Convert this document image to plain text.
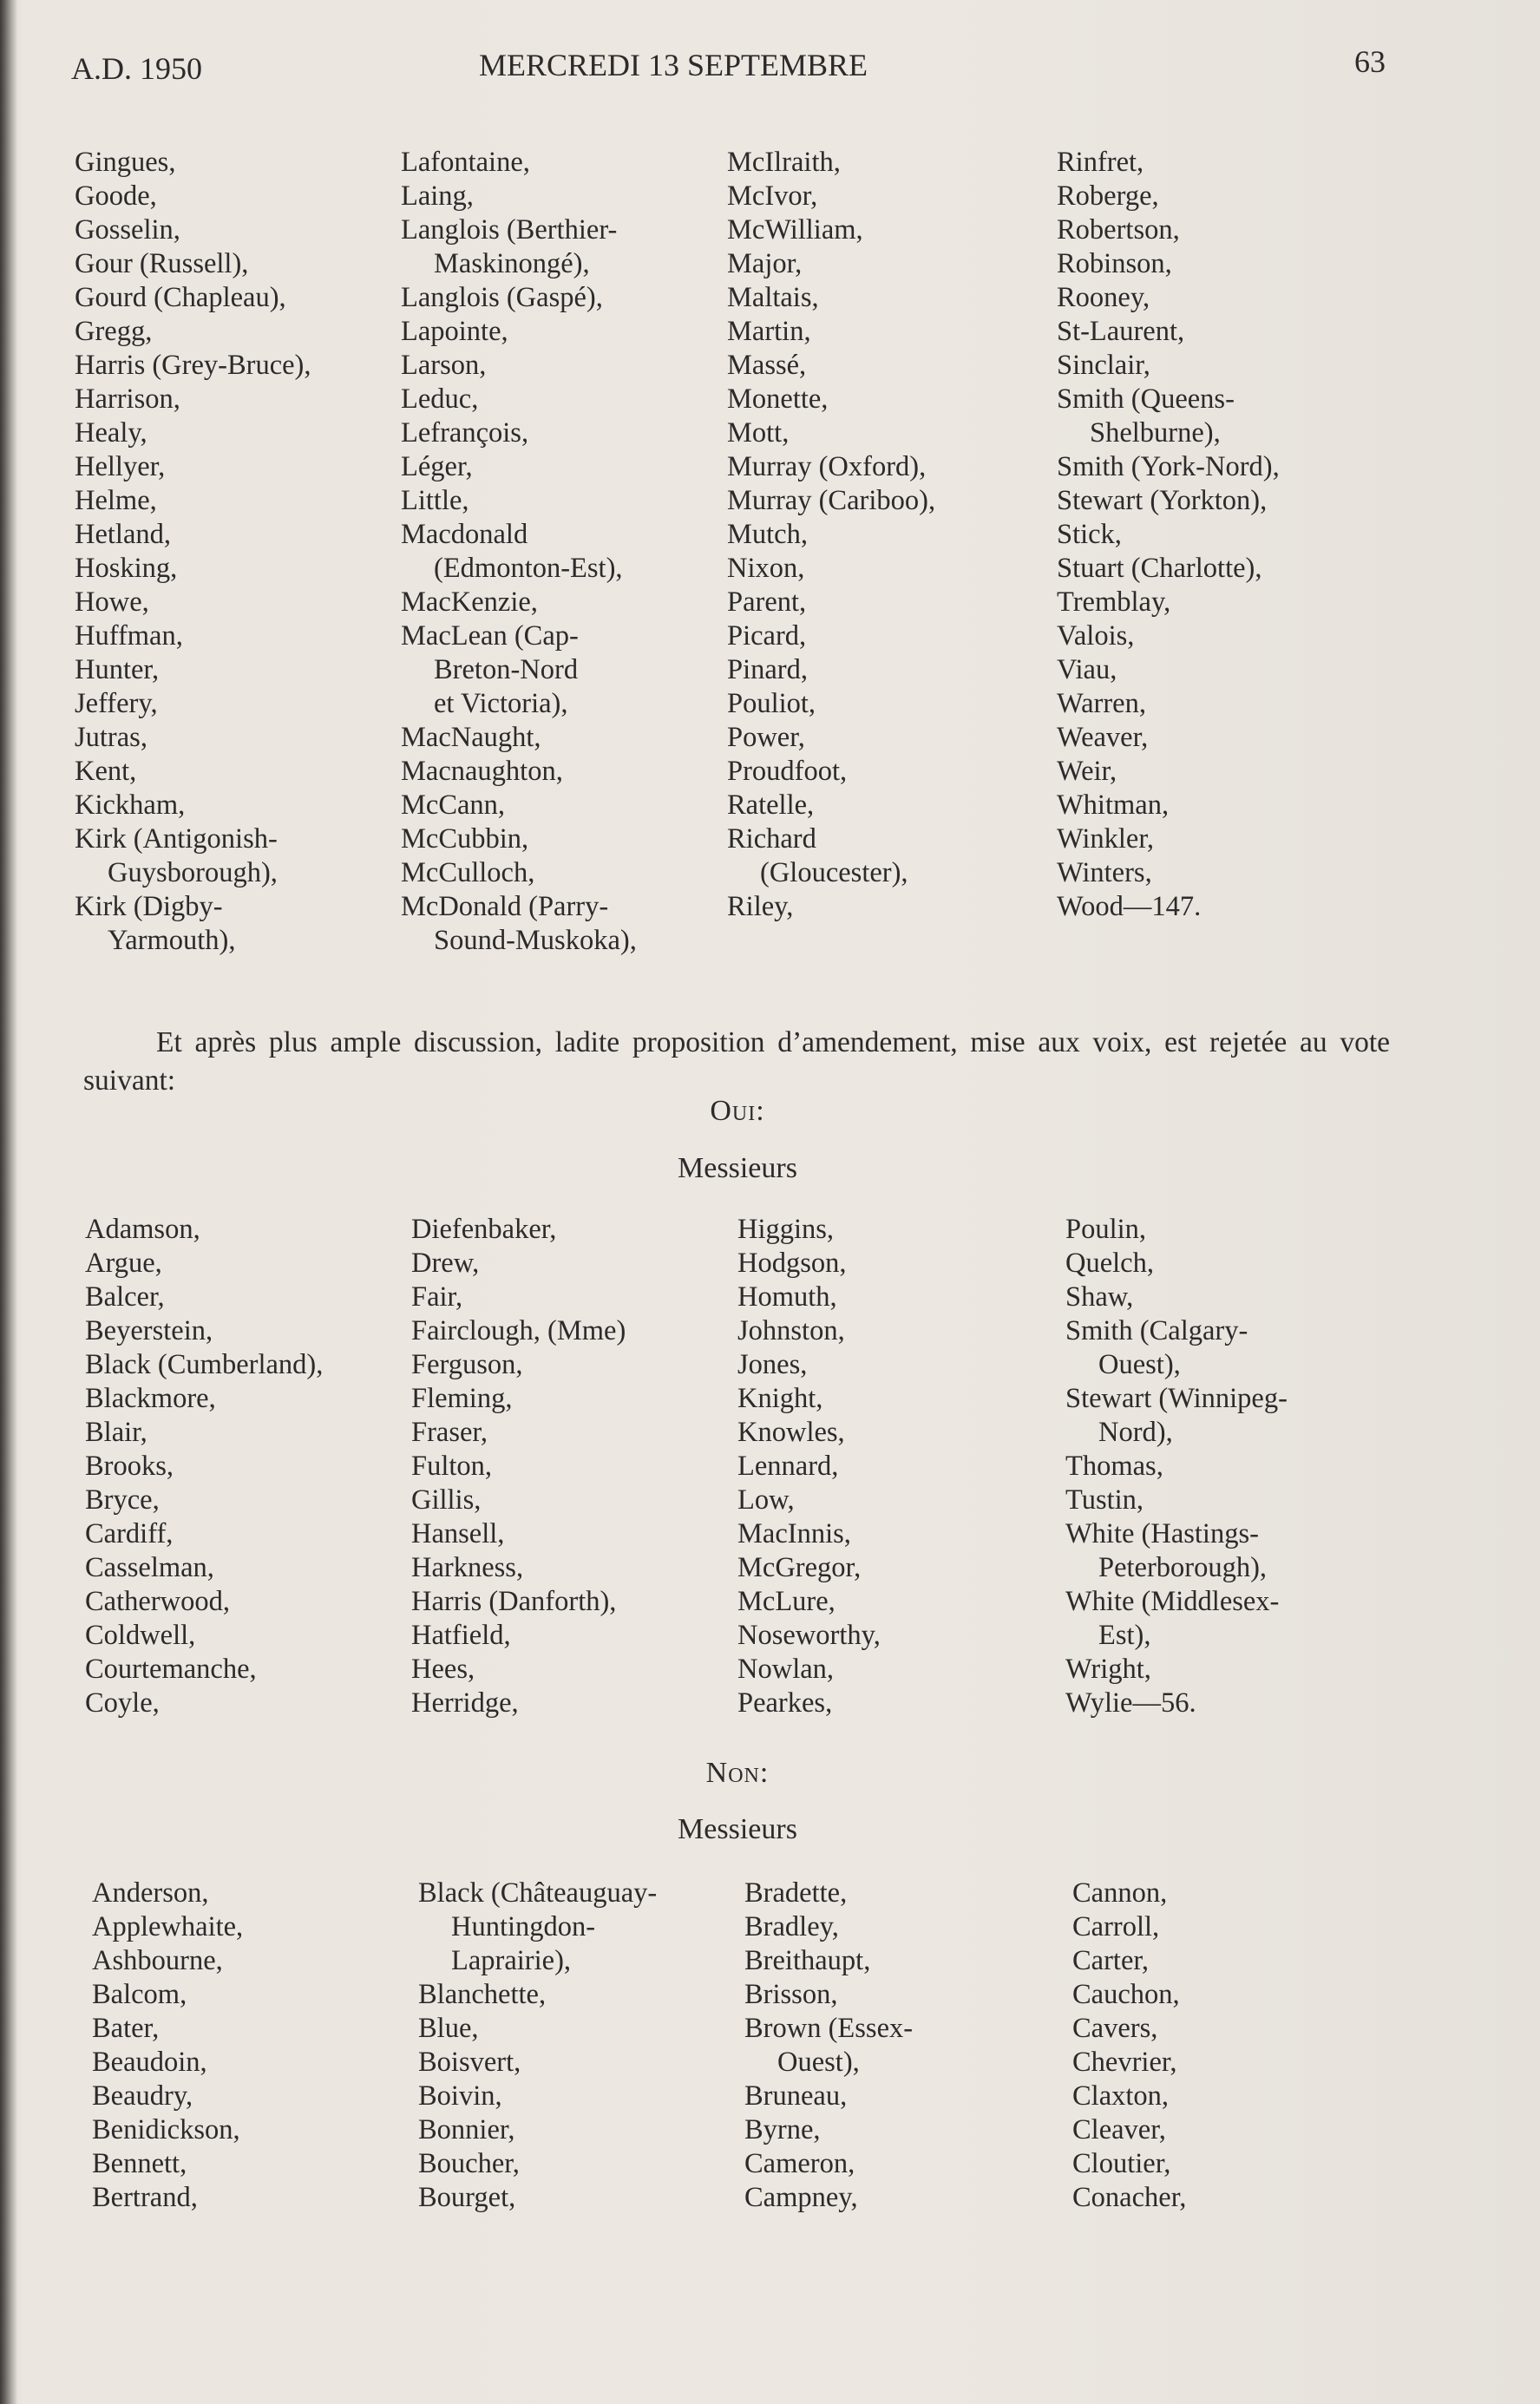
A.D. 1950	MERCREDI 13 SEPTEMBRE	63
Gingues,
Goode,
Gosselin,
Gour (Russell),
Gourd (Chapleau),
Gregg,
Harris (Grey-Bruce),
Harrison,
Healy,
Hellyer,
Helme,
Hetland,
Hosking,
Howe,
Huffman,
Hunter,
Jeffery,
Jutras,
Kent,
Kickham,
Kirk (Antigonish-
Guysborough),
Kirk (Digby-
Yarmouth),
Lafontaine,
Laing,
Langlois (Berthier-
Maskinongé),
Langlois (Gaspé),
Lapointe,
Larson,
Leduc,
Lefrançois,
Léger,
Little,
Macdonald
(Edmonton-Est),
MacKenzie,
MacLean (Cap-
Breton-Nord
et Victoria),
MacNaught,
Macnaughton,
McCann,
McCubbin,
McCulloch,
McDonald (Parry-
Sound-Muskoka),
McIlraith,
McIvor,
McWilliam,
Major,
Maltais,
Martin,
Massé,
Monette,
Mott,
Murray (Oxford),
Murray (Cariboo),
Mutch,
Nixon,
Parent,
Picard,
Pinard,
Pouliot,
Power,
Proudfoot,
Ratelle,
Richard
(Gloucester),
Riley,
Rinfret,
Roberge,
Robertson,
Robinson,
Rooney,
St-Laurent,
Sinclair,
Smith (Queens-
Shelburne),
Smith (York-Nord),
Stewart (Yorkton),
Stick,
Stuart (Charlotte),
Tremblay,
Valois,
Viau,
Warren,
Weaver,
Weir,
Whitman,
Winkler,
Winters,
Wood—147.

Et après plus ample discussion, ladite proposition d’amendement, mise aux voix, est rejetée au vote suivant:

Oui:
Messieurs
Adamson,
Argue,
Balcer,
Beyerstein,
Black (Cumberland),
Blackmore,
Blair,
Brooks,
Bryce,
Cardiff,
Casselman,
Catherwood,
Coldwell,
Courtemanche,
Coyle,
Diefenbaker,
Drew,
Fair,
Fairclough, (Mme)
Ferguson,
Fleming,
Fraser,
Fulton,
Gillis,
Hansell,
Harkness,
Harris (Danforth),
Hatfield,
Hees,
Herridge,
Higgins,
Hodgson,
Homuth,
Johnston,
Jones,
Knight,
Knowles,
Lennard,
Low,
MacInnis,
McGregor,
McLure,
Noseworthy,
Nowlan,
Pearkes,
Poulin,
Quelch,
Shaw,
Smith (Calgary-
Ouest),
Stewart (Winnipeg-
Nord),
Thomas,
Tustin,
White (Hastings-
Peterborough),
White (Middlesex-
Est),
Wright,
Wylie—56.
Non:
Messieurs
Anderson,
Applewhaite,
Ashbourne,
Balcom,
Bater,
Beaudoin,
Beaudry,
Benidickson,
Bennett,
Bertrand,
Black (Châteauguay-
Huntingdon-
Laprairie),
Blanchette,
Blue,
Boisvert,
Boivin,
Bonnier,
Boucher,
Bourget,
Bradette,
Bradley,
Breithaupt,
Brisson,
Brown (Essex-
Ouest),
Bruneau,
Byrne,
Cameron,
Campney,
Cannon,
Carroll,
Carter,
Cauchon,
Cavers,
Chevrier,
Claxton,
Cleaver,
Cloutier,
Conacher,
